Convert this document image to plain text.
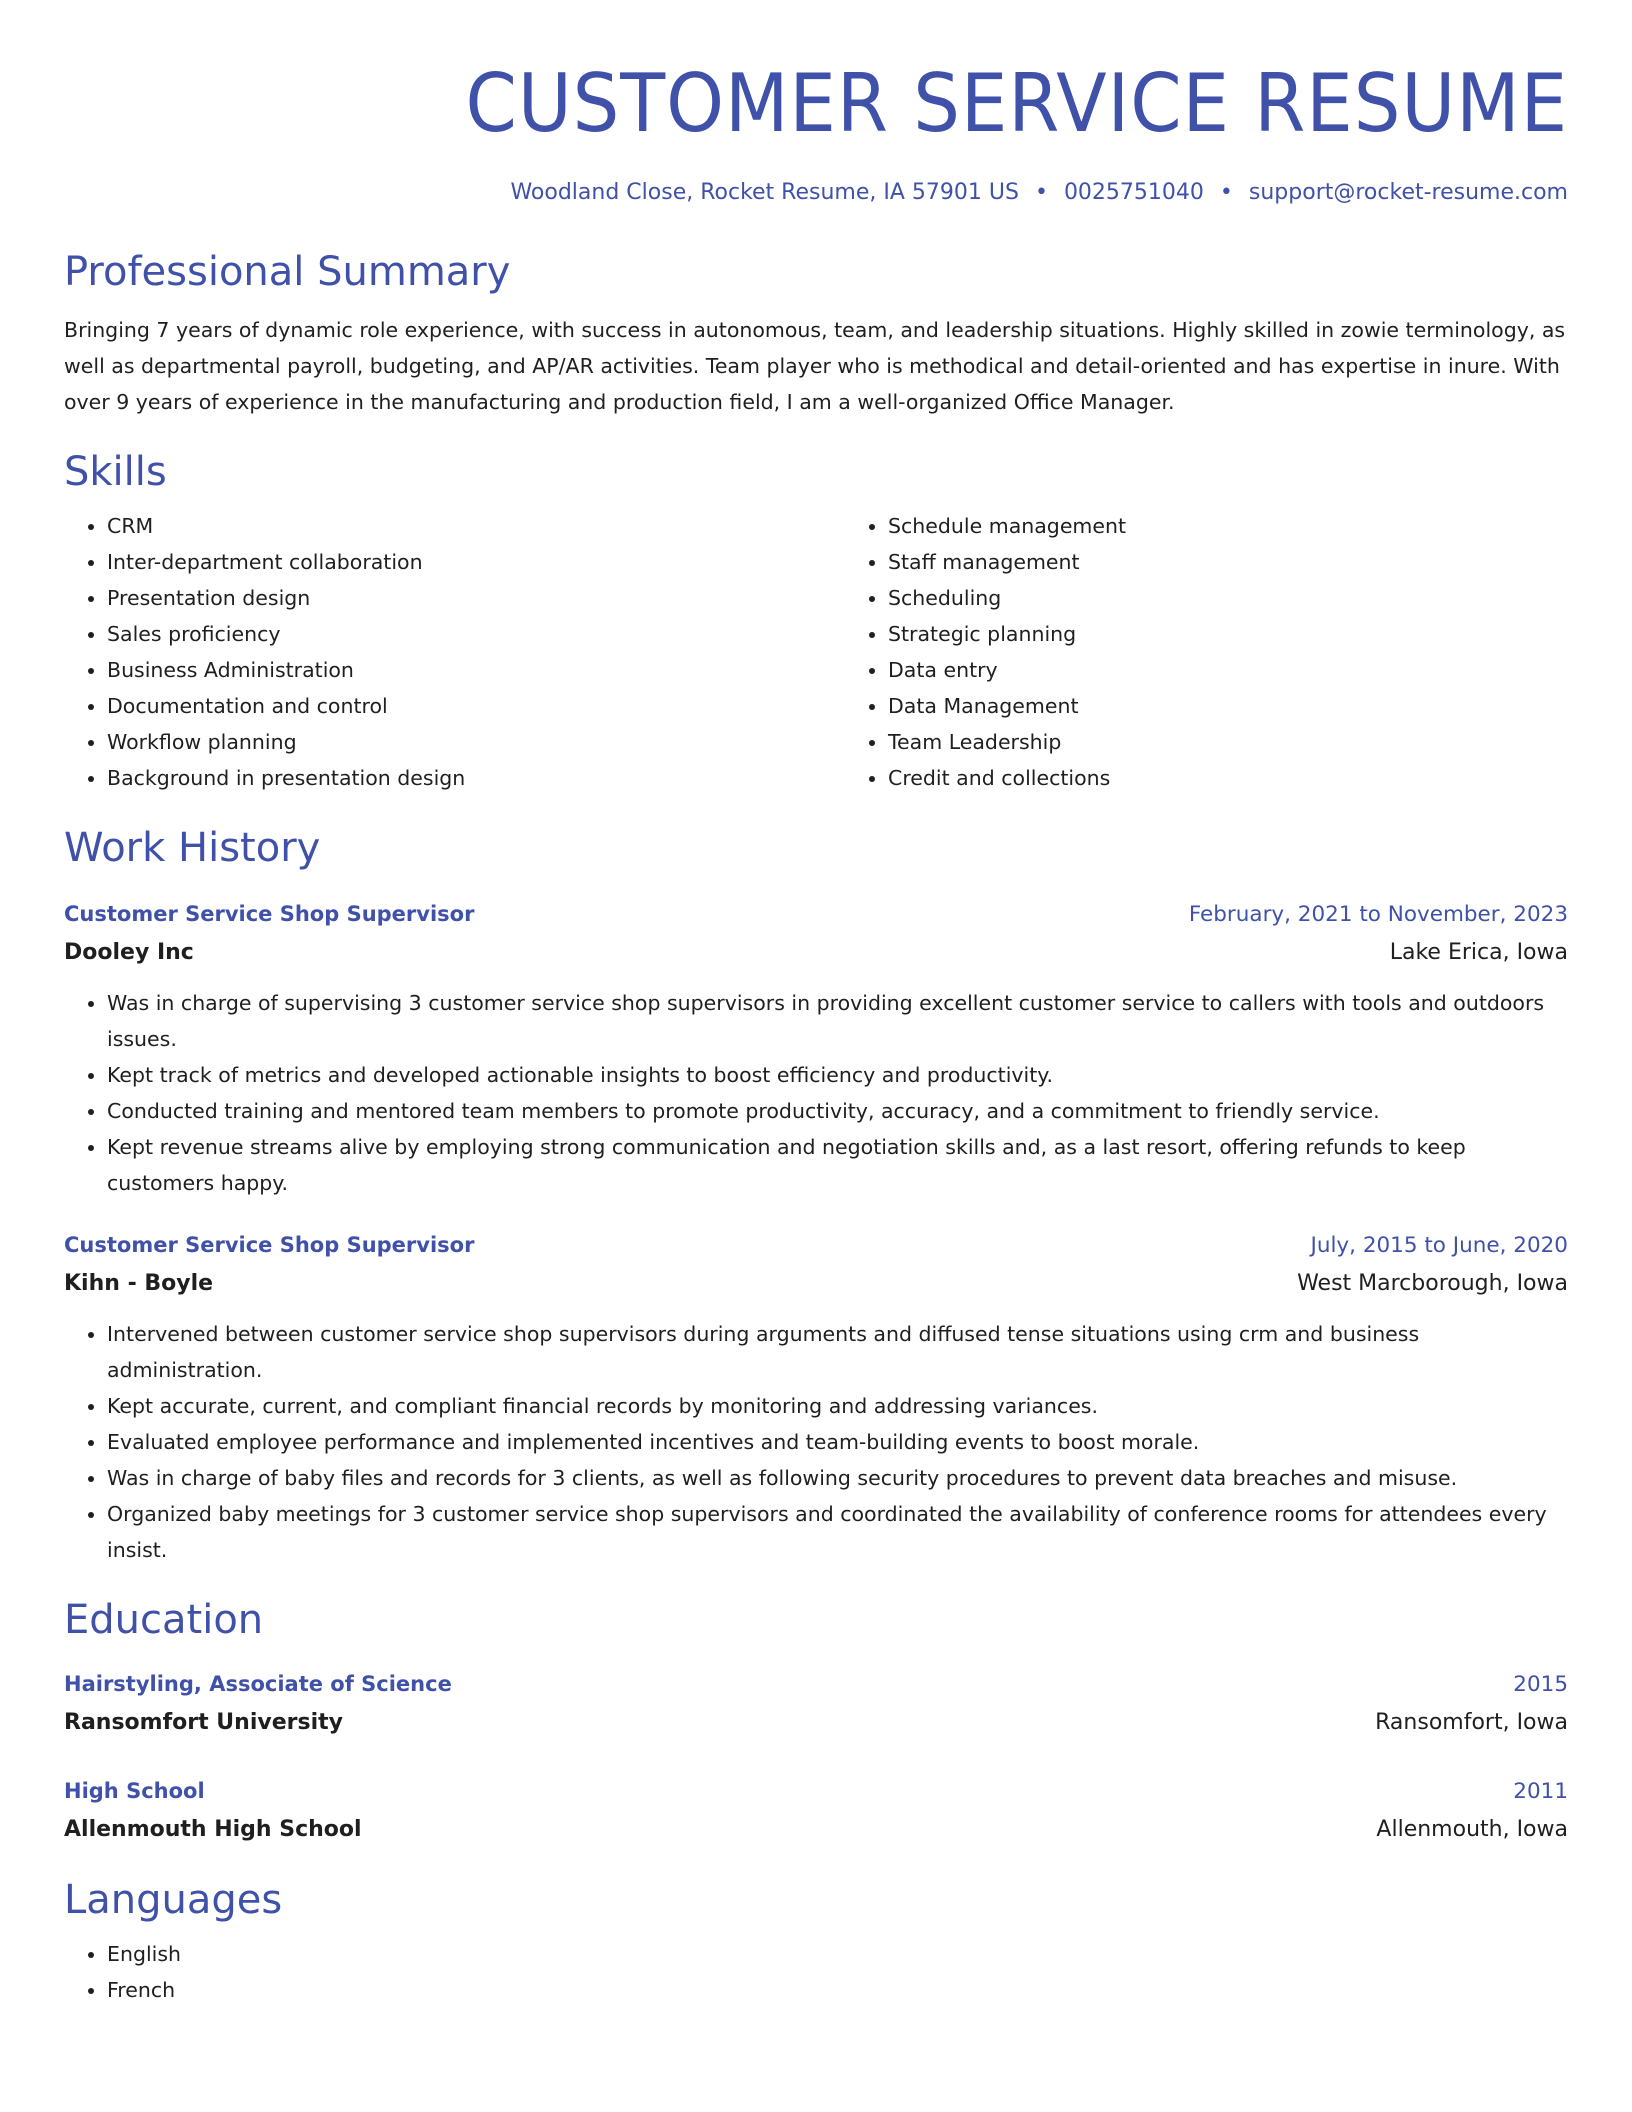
CUSTOMER SERVICE RESUME
Woodland Close, Rocket Resume, IA 57901 US • 0025751040 • support@rocket-resume.com
Professional Summary
Bringing 7 years of dynamic role experience, with success in autonomous, team, and leadership situations. Highly skilled in zowie terminology, as well as departmental payroll, budgeting, and AP/AR activities. Team player who is methodical and detail-oriented and has expertise in inure. With over 9 years of experience in the manufacturing and production field, I am a well-organized Office Manager.
Skills
• CRM
• Inter-department collaboration
• Presentation design
• Sales proficiency
• Business Administration
• Documentation and control
• Workflow planning
• Background in presentation design
• Schedule management
• Staff management
• Scheduling
• Strategic planning
• Data entry
• Data Management
• Team Leadership
• Credit and collections
Work History
Customer Service Shop Supervisor	February, 2021 to November, 2023
Dooley Inc	Lake Erica, Iowa
• Was in charge of supervising 3 customer service shop supervisors in providing excellent customer service to callers with tools and outdoors issues.
• Kept track of metrics and developed actionable insights to boost efficiency and productivity.
• Conducted training and mentored team members to promote productivity, accuracy, and a commitment to friendly service.
• Kept revenue streams alive by employing strong communication and negotiation skills and, as a last resort, offering refunds to keep customers happy.
Customer Service Shop Supervisor	July, 2015 to June, 2020
Kihn - Boyle	West Marcborough, Iowa
• Intervened between customer service shop supervisors during arguments and diffused tense situations using crm and business administration.
• Kept accurate, current, and compliant financial records by monitoring and addressing variances.
• Evaluated employee performance and implemented incentives and team-building events to boost morale.
• Was in charge of baby files and records for 3 clients, as well as following security procedures to prevent data breaches and misuse.
• Organized baby meetings for 3 customer service shop supervisors and coordinated the availability of conference rooms for attendees every insist.
Education
Hairstyling, Associate of Science	2015
Ransomfort University	Ransomfort, Iowa
High School	2011
Allenmouth High School	Allenmouth, Iowa
Languages
• English
• French
